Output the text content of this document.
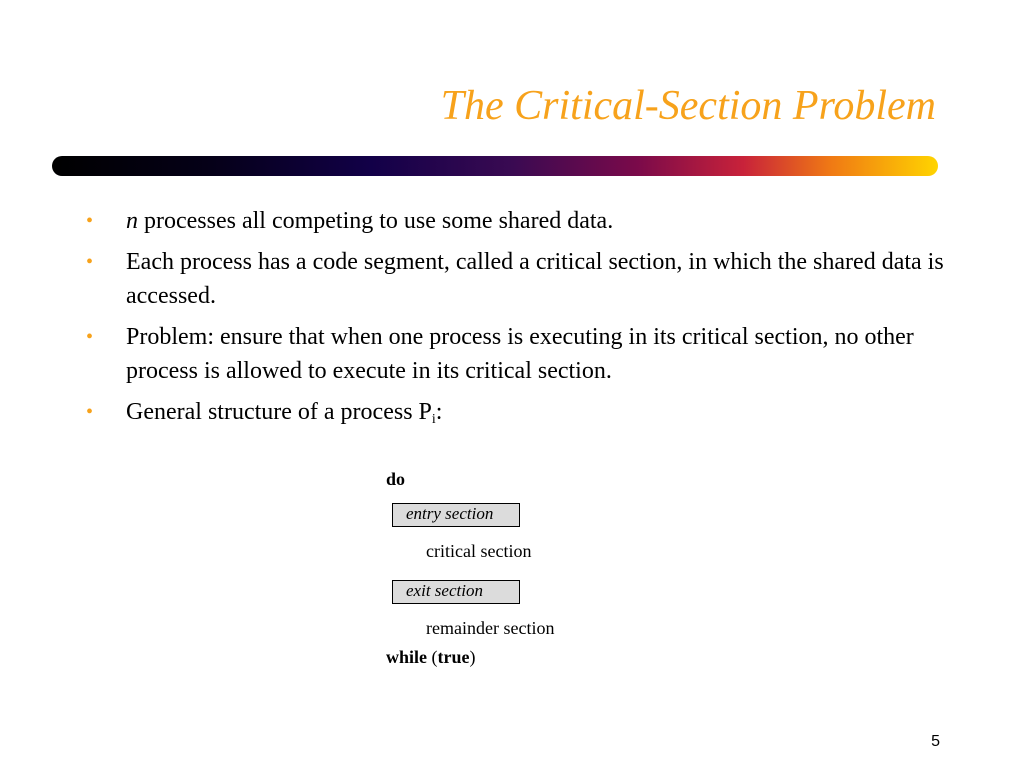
The Critical-Section Problem
• n processes all competing to use some shared data.
• Each process has a code segment, called a critical section, in which the shared data is accessed.
• Problem: ensure that when one process is executing in its critical section, no other process is allowed to execute in its critical section.
• General structure of a process $P_i$:
do
entry section
critical section
exit section
remainder section
while (true)
5
